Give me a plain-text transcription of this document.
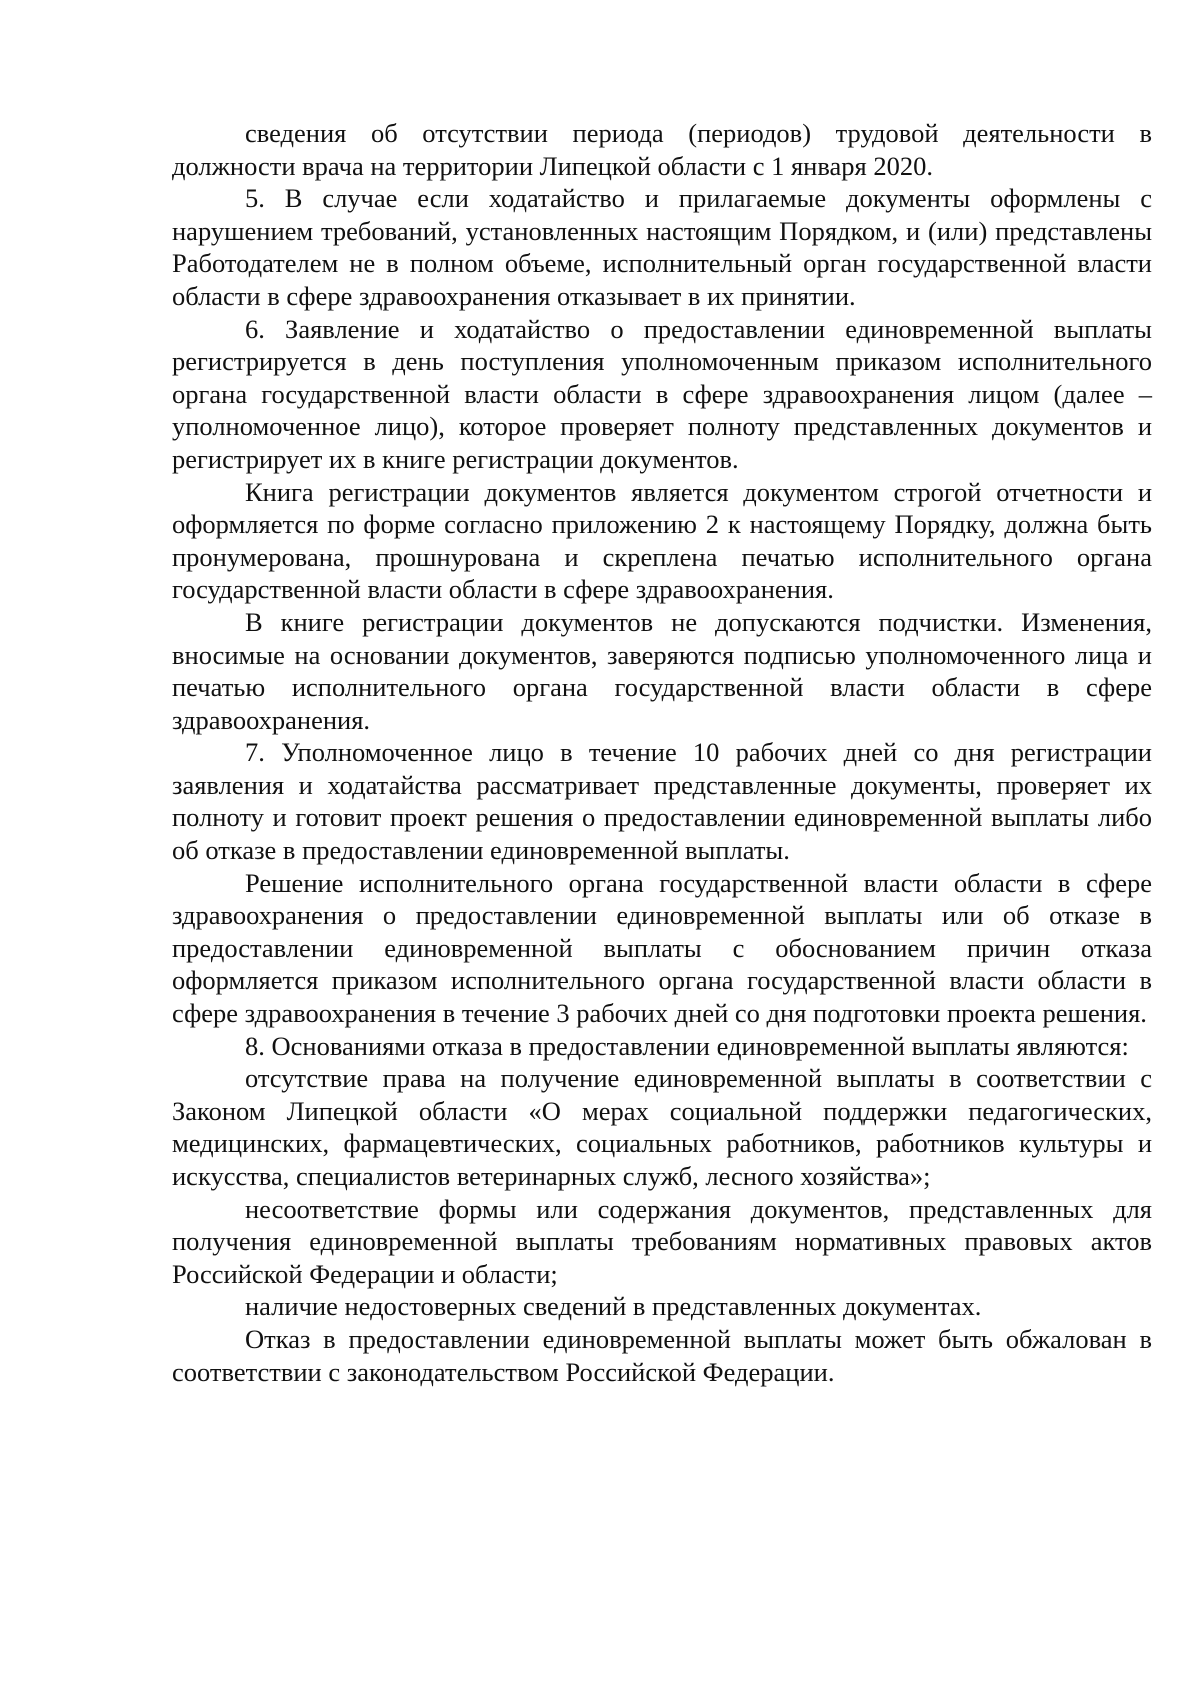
сведения об отсутствии периода (периодов) трудовой деятельности в должности врача на территории Липецкой области с 1 января 2020.

5. В случае если ходатайство и прилагаемые документы оформлены с нарушением требований, установленных настоящим Порядком, и (или) представлены Работодателем не в полном объеме, исполнительный орган государственной власти области в сфере здравоохранения отказывает в их принятии.

6. Заявление и ходатайство о предоставлении единовременной выплаты регистрируется в день поступления уполномоченным приказом исполнительного органа государственной власти области в сфере здравоохранения лицом (далее – уполномоченное лицо), которое проверяет полноту представленных документов и регистрирует их в книге регистрации документов.

Книга регистрации документов является документом строгой отчетности и оформляется по форме согласно приложению 2 к настоящему Порядку, должна быть пронумерована, прошнурована и скреплена печатью исполнительного органа государственной власти области в сфере здравоохранения.

В книге регистрации документов не допускаются подчистки. Изменения, вносимые на основании документов, заверяются подписью уполномоченного лица и печатью исполнительного органа государственной власти области в сфере здравоохранения.

7. Уполномоченное лицо в течение 10 рабочих дней со дня регистрации заявления и ходатайства рассматривает представленные документы, проверяет их полноту и готовит проект решения о предоставлении единовременной выплаты либо об отказе в предоставлении единовременной выплаты.

Решение исполнительного органа государственной власти области в сфере здравоохранения о предоставлении единовременной выплаты или об отказе в предоставлении единовременной выплаты с обоснованием причин отказа оформляется приказом исполнительного органа государственной власти области в сфере здравоохранения в течение 3 рабочих дней со дня подготовки проекта решения.

8. Основаниями отказа в предоставлении единовременной выплаты являются:

отсутствие права на получение единовременной выплаты в соответствии с Законом Липецкой области «О мерах социальной поддержки педагогических, медицинских, фармацевтических, социальных работников, работников культуры и искусства, специалистов ветеринарных служб, лесного хозяйства»;

несоответствие формы или содержания документов, представленных для получения единовременной выплаты требованиям нормативных правовых актов Российской Федерации и области;

наличие недостоверных сведений в представленных документах.

Отказ в предоставлении единовременной выплаты может быть обжалован в соответствии с законодательством Российской Федерации.
